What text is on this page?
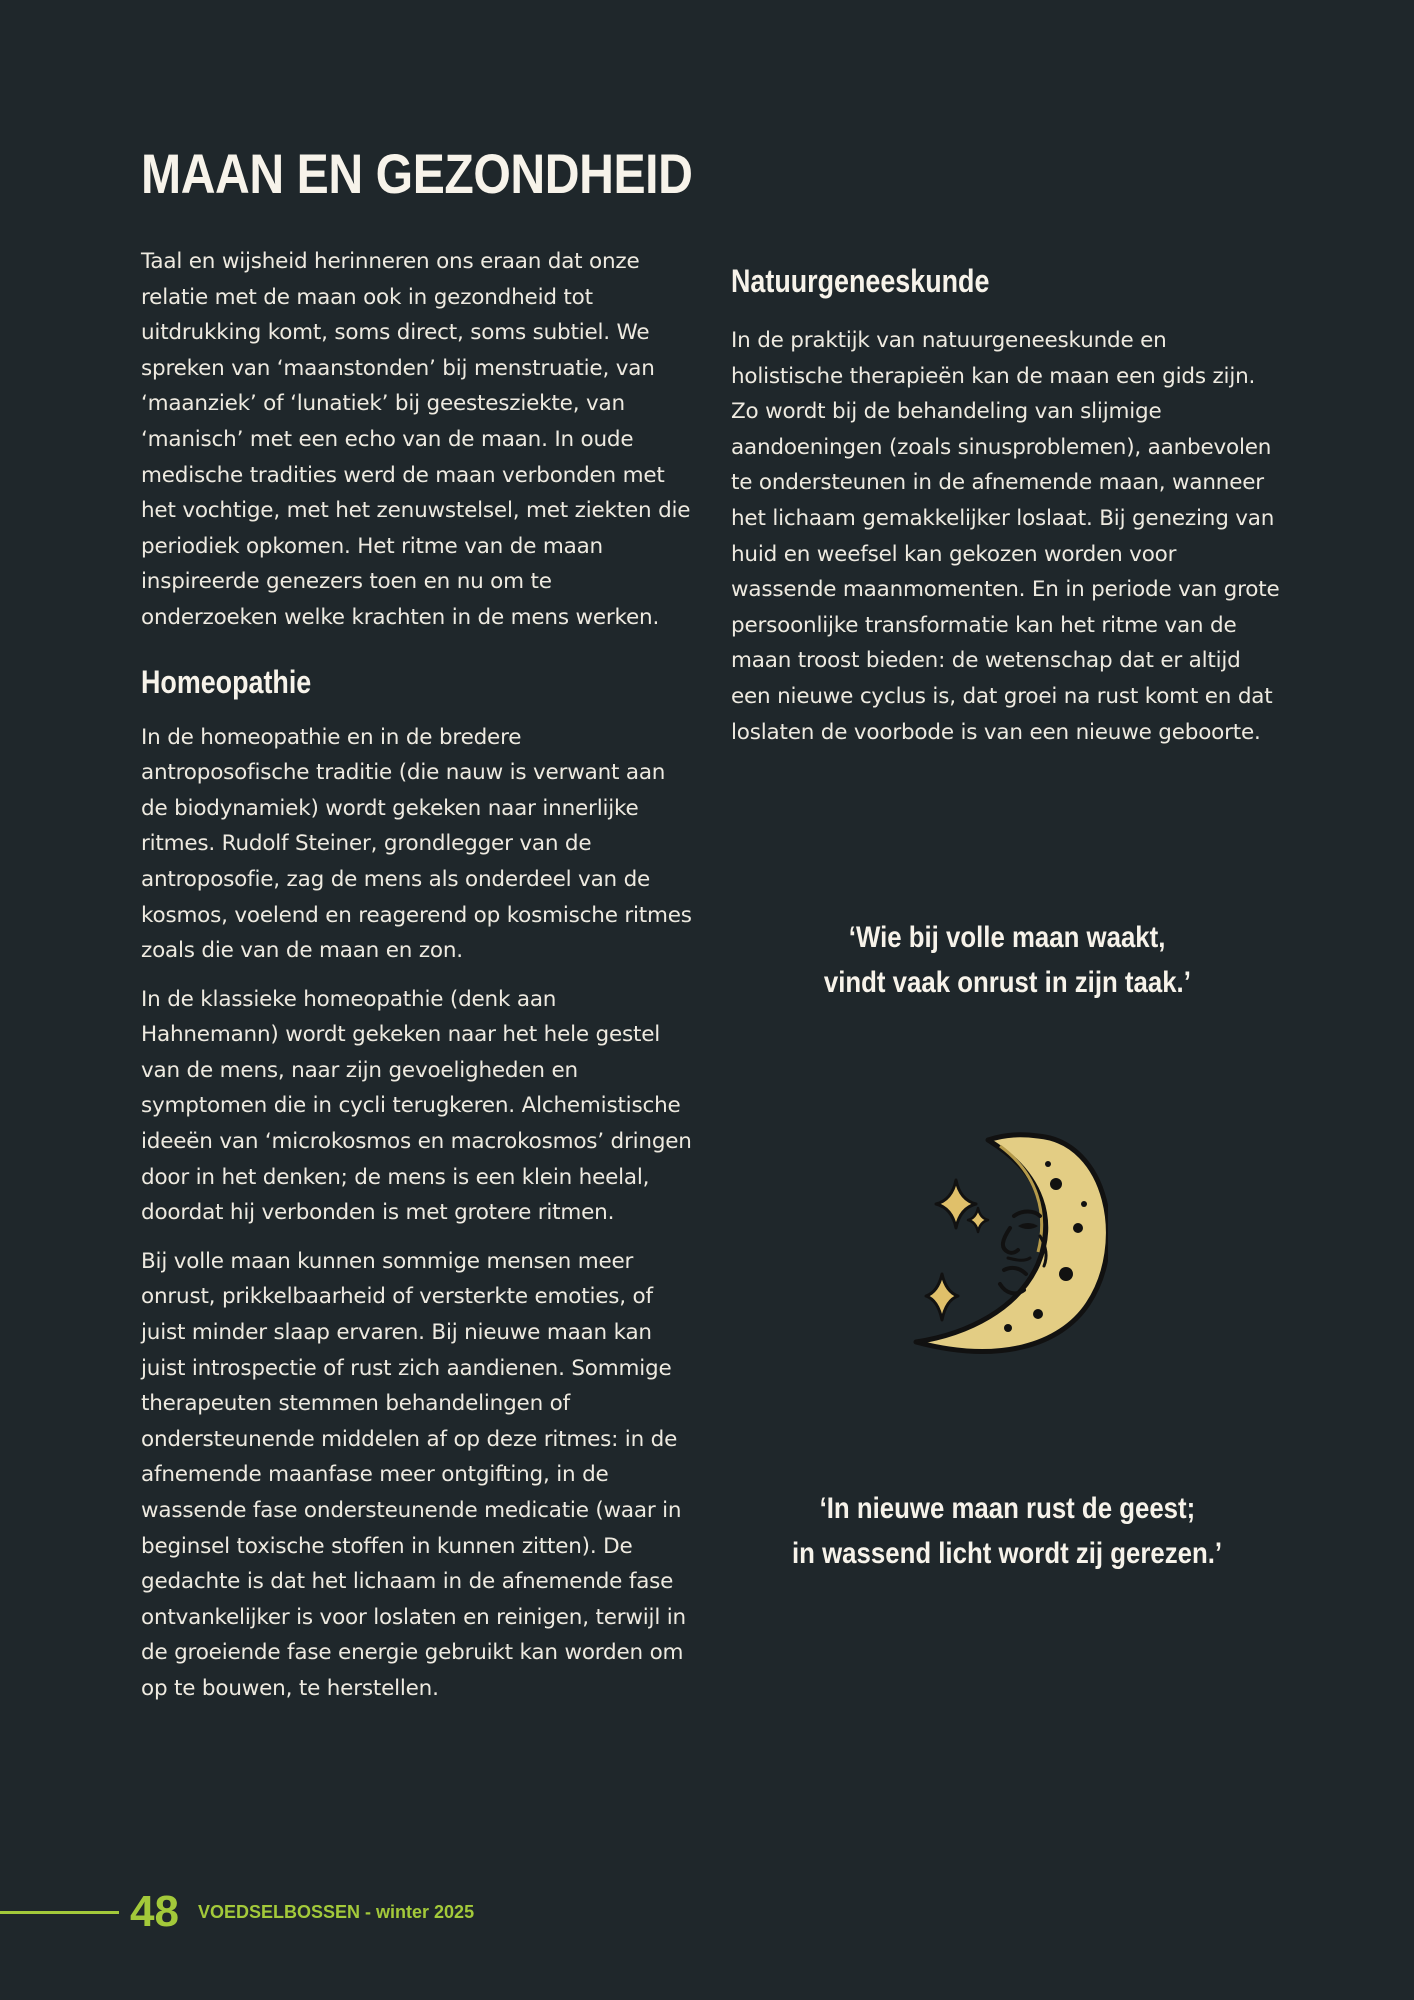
MAAN EN GEZONDHEID

Taal en wijsheid herinneren ons eraan dat onze relatie met de maan ook in gezondheid tot uitdrukking komt, soms direct, soms subtiel. We spreken van ‘maanstonden’ bij menstruatie, van ‘maanziek’ of ‘lunatiek’ bij geestesziekte, van ‘manisch’ met een echo van de maan. In oude medische tradities werd de maan verbonden met het vochtige, met het zenuwstelsel, met ziekten die periodiek opkomen. Het ritme van de maan inspireerde genezers toen en nu om te onderzoeken welke krachten in de mens werken.

Homeopathie

In de homeopathie en in de bredere antroposofische traditie (die nauw is verwant aan de biodynamiek) wordt gekeken naar innerlijke ritmes. Rudolf Steiner, grondlegger van de antroposofie, zag de mens als onderdeel van de kosmos, voelend en reagerend op kosmische ritmes zoals die van de maan en zon.

In de klassieke homeopathie (denk aan Hahnemann) wordt gekeken naar het hele gestel van de mens, naar zijn gevoeligheden en symptomen die in cycli terugkeren. Alchemistische ideeën van ‘microkosmos en macrokosmos’ dringen door in het denken; de mens is een klein heelal, doordat hij verbonden is met grotere ritmen.

Bij volle maan kunnen sommige mensen meer onrust, prikkelbaarheid of versterkte emoties, of juist minder slaap ervaren. Bij nieuwe maan kan juist introspectie of rust zich aandienen. Sommige therapeuten stemmen behandelingen of ondersteunende middelen af op deze ritmes: in de afnemende maanfase meer ontgifting, in de wassende fase ondersteunende medicatie (waar in beginsel toxische stoffen in kunnen zitten). De gedachte is dat het lichaam in de afnemende fase ontvankelijker is voor loslaten en reinigen, terwijl in de groeiende fase energie gebruikt kan worden om op te bouwen, te herstellen.

Natuurgeneeskunde

In de praktijk van natuurgeneeskunde en holistische therapieën kan de maan een gids zijn. Zo wordt bij de behandeling van slijmige aandoeningen (zoals sinusproblemen), aanbevolen te ondersteunen in de afnemende maan, wanneer het lichaam gemakkelijker loslaat. Bij genezing van huid en weefsel kan gekozen worden voor wassende maanmomenten. En in periode van grote persoonlijke transformatie kan het ritme van de maan troost bieden: de wetenschap dat er altijd een nieuwe cyclus is, dat groei na rust komt en dat loslaten de voorbode is van een nieuwe geboorte.

‘Wie bij volle maan waakt,
vindt vaak onrust in zijn taak.’
‘In nieuwe maan rust de geest;
in wassend licht wordt zij gerezen.’
48 VOEDSELBOSSEN - winter 2025
